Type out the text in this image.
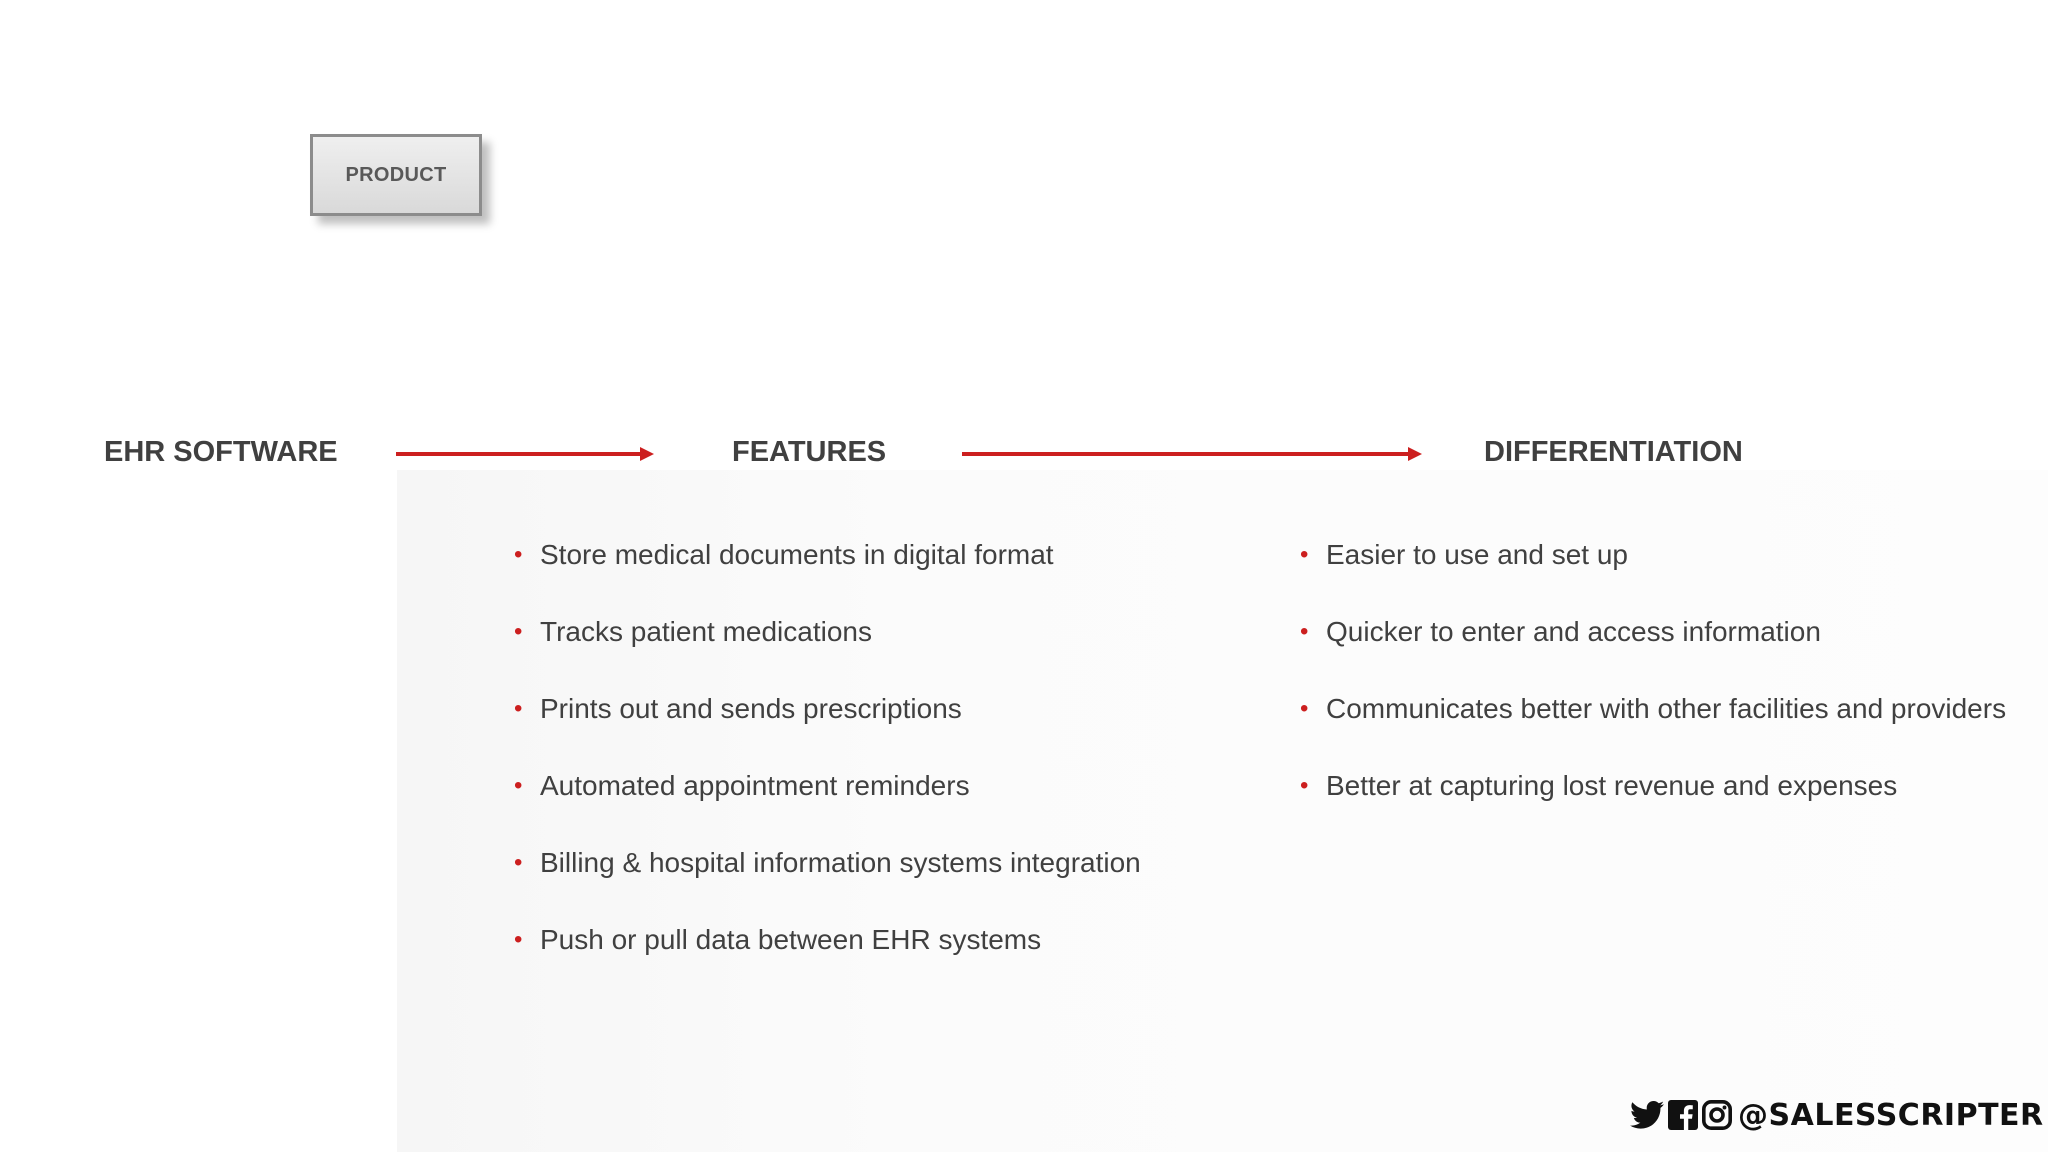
PRODUCT
EHR SOFTWARE	FEATURES	DIFFERENTIATION
• Store medical documents in digital format
• Tracks patient medications
• Prints out and sends prescriptions
• Automated appointment reminders
• Billing & hospital information systems integration
• Push or pull data between EHR systems
• Easier to use and set up
• Quicker to enter and access information
• Communicates better with other facilities and providers
• Better at capturing lost revenue and expenses
@SALESSCRIPTER
